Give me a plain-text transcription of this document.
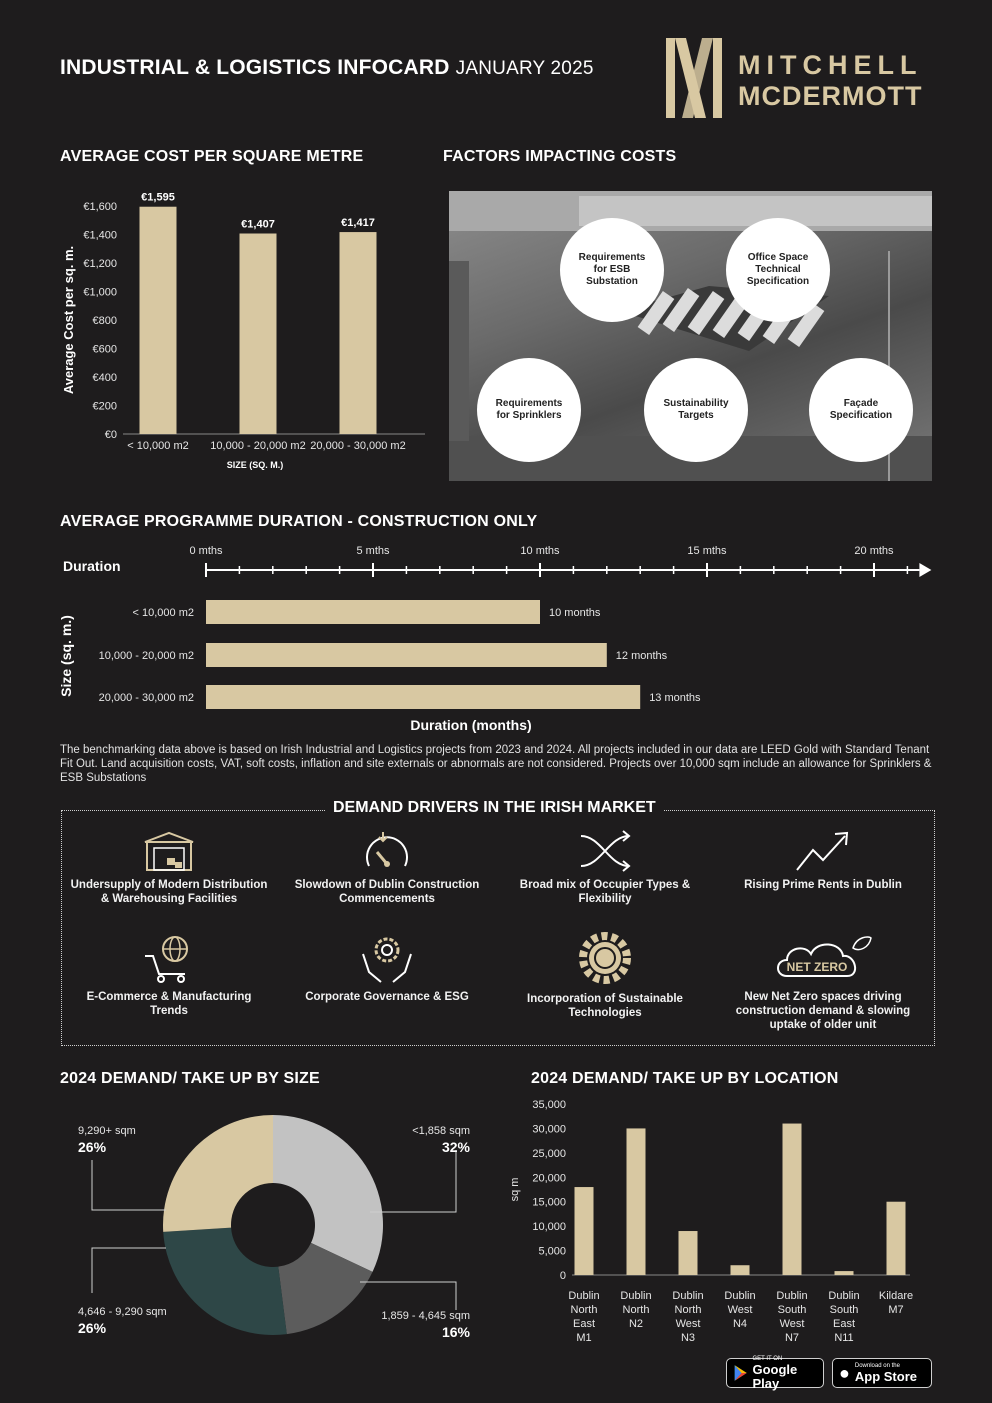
INDUSTRIAL & LOGISTICS INFOCARD JANUARY 2025	MITCHELL
MCDERMOTT
AVERAGE COST PER SQUARE METRE	FACTORS IMPACTING COSTS
AVERAGE PROGRAMME DURATION - CONSTRUCTION ONLY
2024 DEMAND/ TAKE UP BY SIZE	2024 DEMAND/ TAKE UP BY LOCATION
€0
€200
€400
€600
€800
€1,000
€1,200
€1,400
€1,600
€1,595
< 10,000 m2
€1,407
10,000 - 20,000 m2
€1,417
20,000 - 30,000 m2
SIZE (SQ. M.)
Average Cost per sq. m.	Requirements
for ESB
Substation
Office Space
Technical
Specification
Requirements
for Sprinklers
Sustainability
Targets
Façade
Specification
Duration
0 mths	5 mths	10 mths	15 mths	20 mths
< 10,000 m2	10 months
10,000 - 20,000 m2	12 months
20,000 - 30,000 m2	13 months
Duration (months)
Size (sq. m.)
The benchmarking data above is based on Irish Industrial and Logistics projects from 2023 and 2024. All projects included in our data are LEED Gold with Standard Tenant Fit Out. Land acquisition costs, VAT, soft costs, inflation and site externals or abnormals are not considered. Projects over 10,000 sqm include an allowance for Sprinklers & ESB Substations
DEMAND DRIVERS IN THE IRISH MARKET
Undersupply of Modern Distribution & Warehousing Facilities
Slowdown of Dublin Construction Commencements
Broad mix of Occupier Types & Flexibility
Rising Prime Rents in Dublin
E-Commerce & Manufacturing Trends
Corporate Governance & ESG	Incorporation of Sustainable Technologies
NET ZERO
New Net Zero spaces driving construction demand & slowing uptake of older unit
<1,858 sqm
32%
1,859 - 4,645 sqm
16%
4,646 - 9,290 sqm
26%
9,290+ sqm
26%
0
5,000
10,000
15,000
20,000
25,000
30,000
35,000
sq m
Dublin
North
East
M1
Dublin
North
N2
Dublin
North
West
N3
Dublin
West
N4
Dublin
South
West
N7
Dublin
South
East
N11
Kildare
M7
GET IT ON
Google Play
● Download on the
App Store
